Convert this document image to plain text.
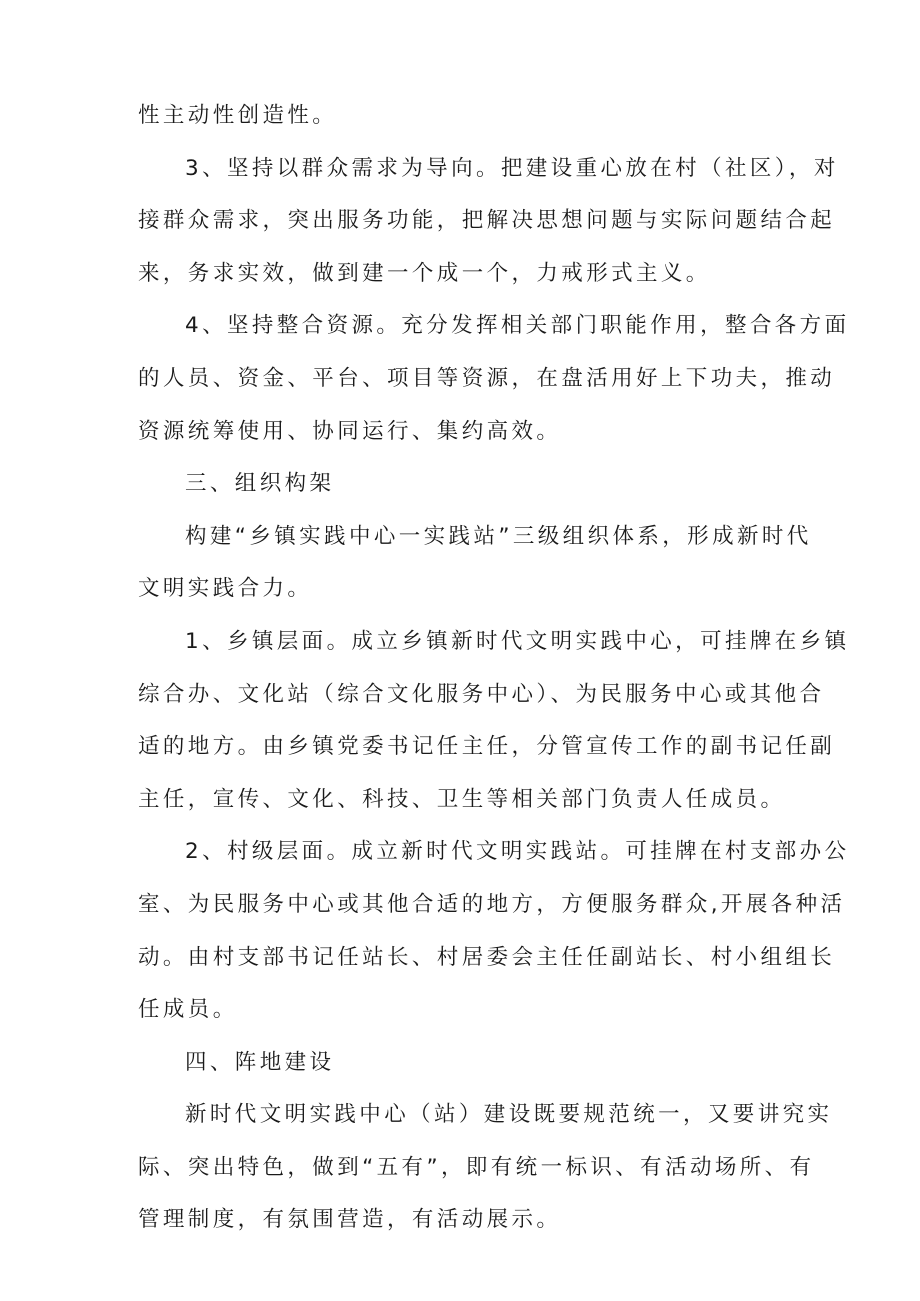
性主动性创造性。
3、坚持以群众需求为导向。把建设重心放在村（社区），对
接群众需求，突出服务功能，把解决思想问题与实际问题结合起
来，务求实效，做到建一个成一个，力戒形式主义。
4、坚持整合资源。充分发挥相关部门职能作用，整合各方面
的人员、资金、平台、项目等资源，在盘活用好上下功夫，推动
资源统筹使用、协同运行、集约高效。
三、组织构架
构建“乡镇实践中心一实践站”三级组织体系，形成新时代
文明实践合力。
1、乡镇层面。成立乡镇新时代文明实践中心，可挂牌在乡镇
综合办、文化站（综合文化服务中心）、为民服务中心或其他合
适的地方。由乡镇党委书记任主任，分管宣传工作的副书记任副
主任，宣传、文化、科技、卫生等相关部门负责人任成员。
2、村级层面。成立新时代文明实践站。可挂牌在村支部办公
室、为民服务中心或其他合适的地方，方便服务群众,开展各种活
动。由村支部书记任站长、村居委会主任任副站长、村小组组长
任成员。
四、阵地建设
新时代文明实践中心（站）建设既要规范统一，又要讲究实
际、突出特色，做到“五有”，即有统一标识、有活动场所、有
管理制度，有氛围营造，有活动展示。
